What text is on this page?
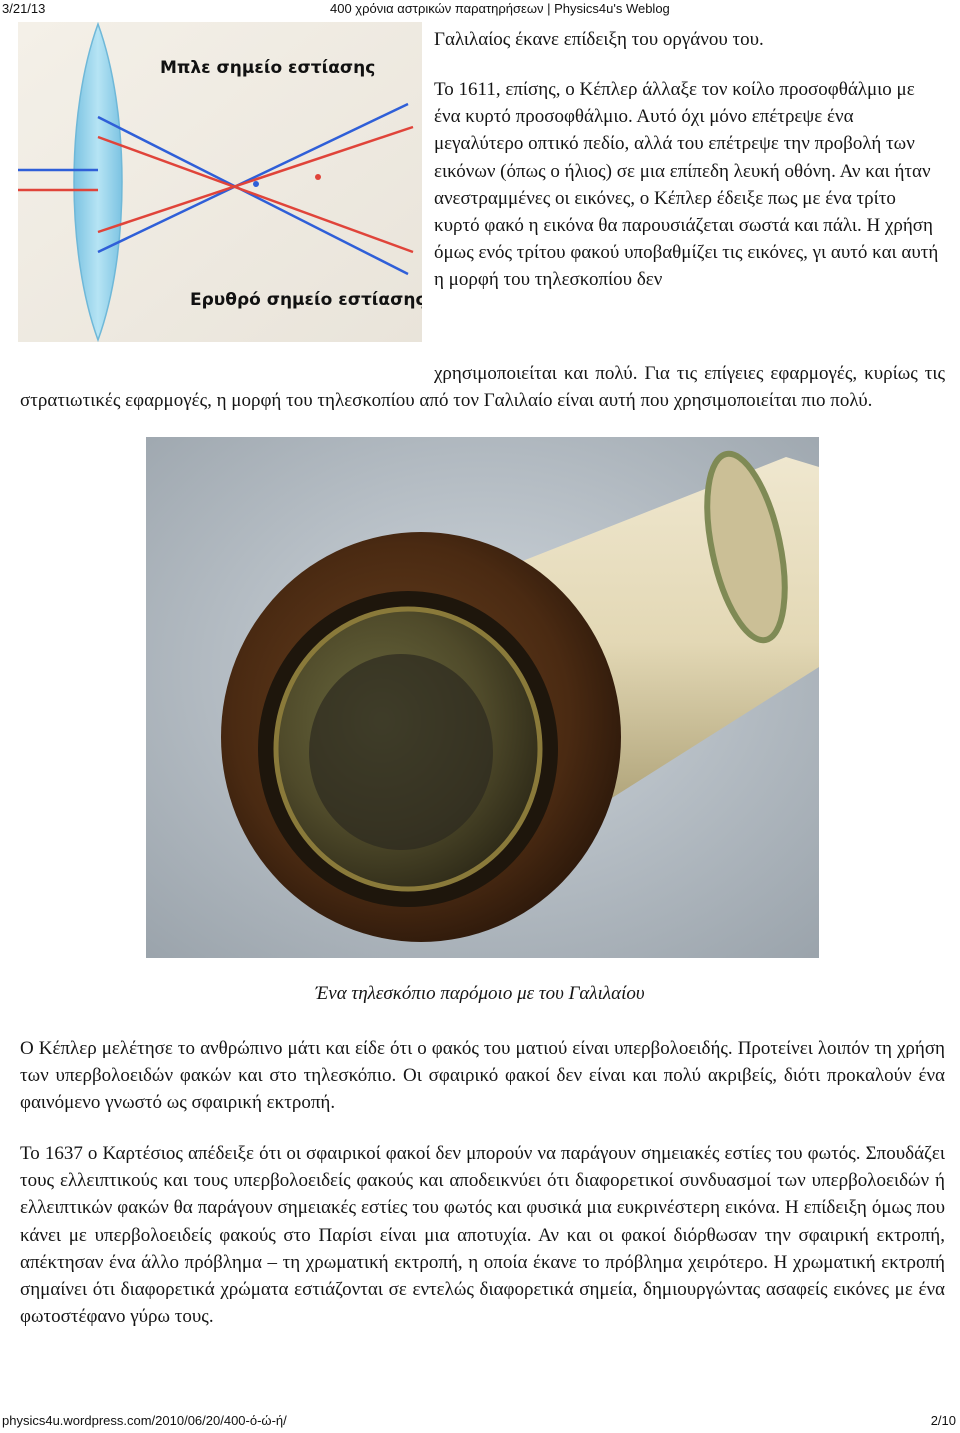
3/21/13	400 χρόνια αστρικών παρατηρήσεων | Physics4u's Weblog
Μπλε σημείο εστίασης
Ερυθρό σημείο εστίασης

Γαλιλαίος έκανε επίδειξη του οργάνου του.

Το 1611, επίσης, ο Κέπλερ άλλαξε τον κοίλο προσοφθάλμιο με ένα κυρτό προσοφθάλμιο. Αυτό όχι μόνο επέτρεψε ένα μεγαλύτερο οπτικό πεδίο, αλλά του επέτρεψε την προβολή των εικόνων (όπως ο ήλιος) σε μια επίπεδη λευκή οθόνη. Αν και ήταν ανεστραμμένες οι εικόνες, ο Κέπλερ έδειξε πως με ένα τρίτο κυρτό φακό η εικόνα θα παρουσιάζεται σωστά και πάλι. Η χρήση όμως ενός τρίτου φακού υποβαθμίζει τις εικόνες, γι αυτό και αυτή η μορφή του τηλεσκοπίου δεν

χρησιμοποιείται και πολύ. Για τις επίγειες εφαρμογές, κυρίως τις στρατιωτικές εφαρμογές, η μορφή του τηλεσκοπίου από τον Γαλιλαίο είναι αυτή που χρησιμοποιείται πιο πολύ.

Ένα τηλεσκόπιο παρόμοιο με του Γαλιλαίου

Ο Κέπλερ μελέτησε το ανθρώπινο μάτι και είδε ότι ο φακός του ματιού είναι υπερβολοειδής. Προτείνει λοιπόν τη χρήση των υπερβολοειδών φακών και στο τηλεσκόπιο. Οι σφαιρικό φακοί δεν είναι και πολύ ακριβείς, διότι προκαλούν ένα φαινόμενο γνωστό ως σφαιρική εκτροπή.

Το 1637 ο Καρτέσιος απέδειξε ότι οι σφαιρικοί φακοί δεν μπορούν να παράγουν σημειακές εστίες του φωτός. Σπουδάζει τους ελλειπτικούς και τους υπερβολοειδείς φακούς και αποδεικνύει ότι διαφορετικοί συνδυασμοί των υπερβολοειδών ή ελλειπτικών φακών θα παράγουν σημειακές εστίες του φωτός και φυσικά μια ευκρινέστερη εικόνα. Η επίδειξη όμως που κάνει με υπερβολοειδείς φακούς στο Παρίσι είναι μια αποτυχία. Αν και οι φακοί διόρθωσαν την σφαιρική εκτροπή, απέκτησαν ένα άλλο πρόβλημα – τη χρωματική εκτροπή, η οποία έκανε το πρόβλημα χειρότερο. Η χρωματική εκτροπή σημαίνει ότι διαφορετικά χρώματα εστιάζονται σε εντελώς διαφορετικά σημεία, δημιουργώντας ασαφείς εικόνες με ένα φωτοστέφανο γύρω τους.

physics4u.wordpress.com/2010/06/20/400-ό-ώ-ή/	2/10
